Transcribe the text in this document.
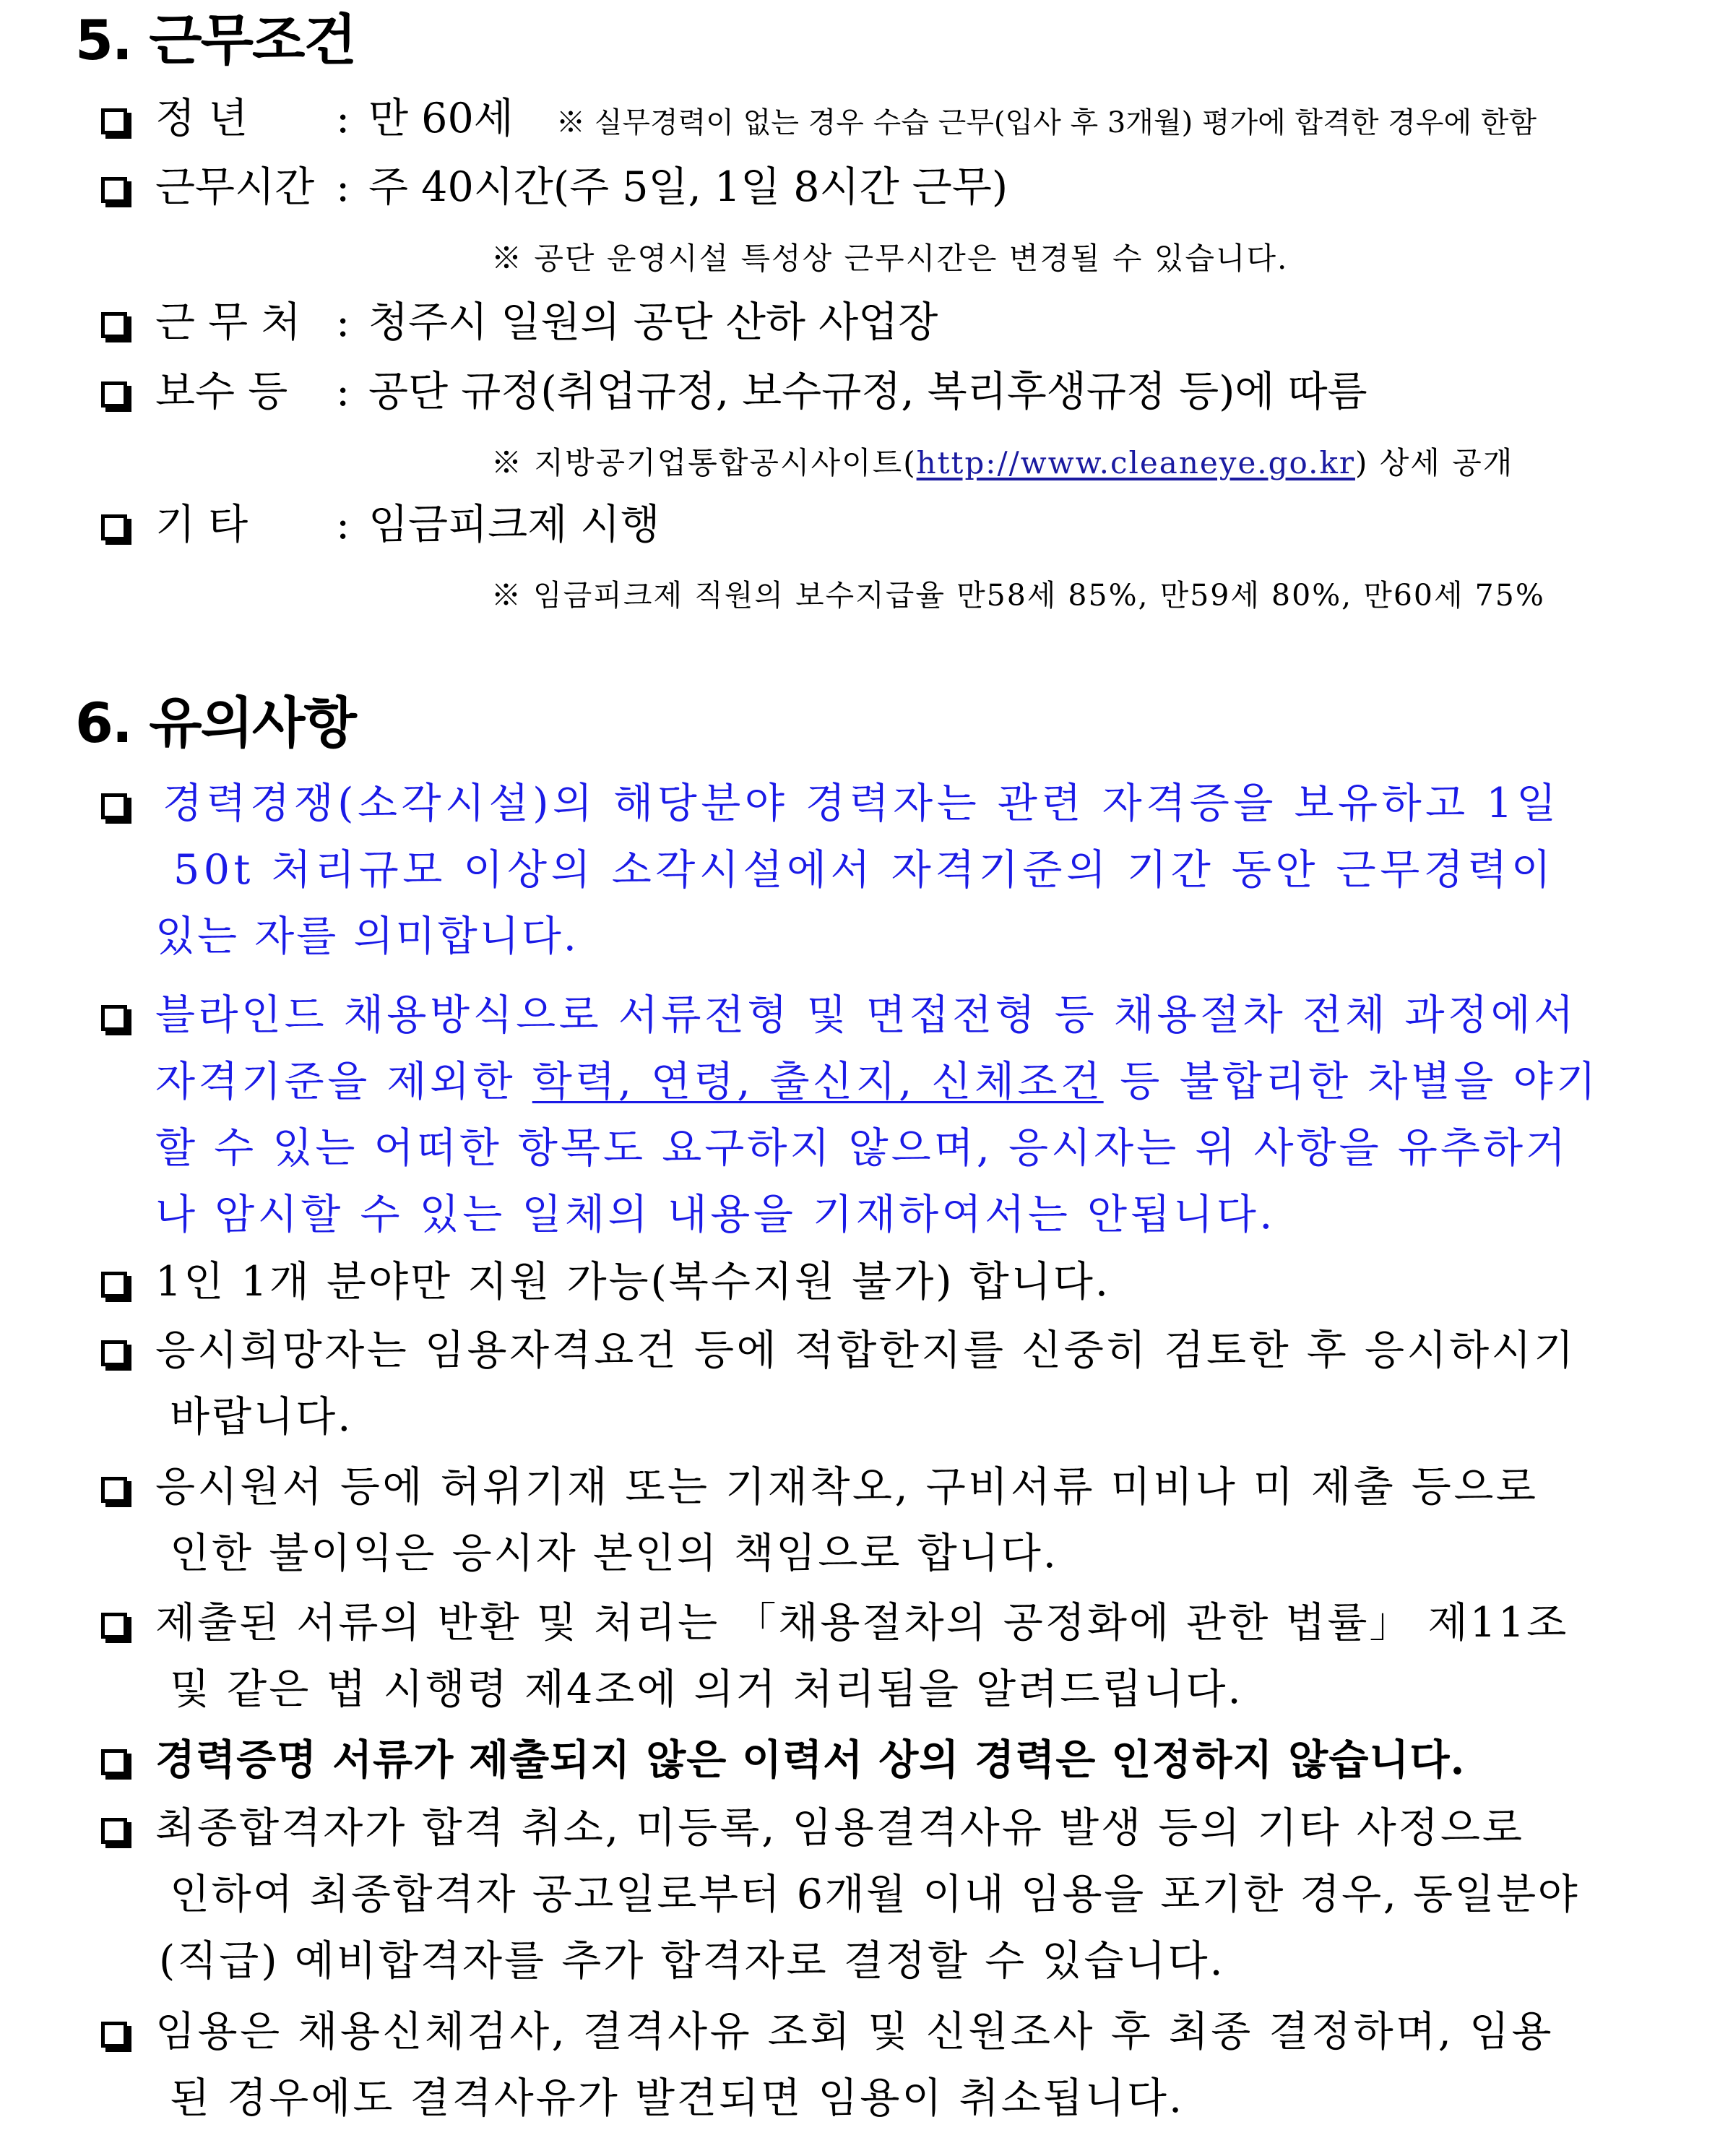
5. 근무조건
정 년 : 만 60세 ※ 실무경력이 없는 경우 수습 근무(입사 후 3개월) 평가에 합격한 경우에 한함
근무시간 : 주 40시간(주 5일, 1일 8시간 근무)
※ 공단 운영시설 특성상 근무시간은 변경될 수 있습니다.
근 무 처 : 청주시 일원의 공단 산하 사업장
보수 등 : 공단 규정(취업규정, 보수규정, 복리후생규정 등)에 따름
※ 지방공기업통합공시사이트(http://www.cleaneye.go.kr) 상세 공개
기 타 : 임금피크제 시행
※ 임금피크제 직원의 보수지급율 만58세 85%, 만59세 80%, 만60세 75%
6. 유의사항
경력경쟁(소각시설)의 해당분야 경력자는 관련 자격증을 보유하고 1일
50t 처리규모 이상의 소각시설에서 자격기준의 기간 동안 근무경력이
있는 자를 의미합니다.
블라인드 채용방식으로 서류전형 및 면접전형 등 채용절차 전체 과정에서
자격기준을 제외한 학력, 연령, 출신지, 신체조건 등 불합리한 차별을 야기
할 수 있는 어떠한 항목도 요구하지 않으며, 응시자는 위 사항을 유추하거
나 암시할 수 있는 일체의 내용을 기재하여서는 안됩니다.
1인 1개 분야만 지원 가능(복수지원 불가) 합니다.
응시희망자는 임용자격요건 등에 적합한지를 신중히 검토한 후 응시하시기
바랍니다.
응시원서 등에 허위기재 또는 기재착오, 구비서류 미비나 미 제출 등으로
인한 불이익은 응시자 본인의 책임으로 합니다.
제출된 서류의 반환 및 처리는 「채용절차의 공정화에 관한 법률」 제11조
및 같은 법 시행령 제4조에 의거 처리됨을 알려드립니다.
경력증명 서류가 제출되지 않은 이력서 상의 경력은 인정하지 않습니다.
최종합격자가 합격 취소, 미등록, 임용결격사유 발생 등의 기타 사정으로
인하여 최종합격자 공고일로부터 6개월 이내 임용을 포기한 경우, 동일분야
(직급) 예비합격자를 추가 합격자로 결정할 수 있습니다.
임용은 채용신체검사, 결격사유 조회 및 신원조사 후 최종 결정하며, 임용
된 경우에도 결격사유가 발견되면 임용이 취소됩니다.
